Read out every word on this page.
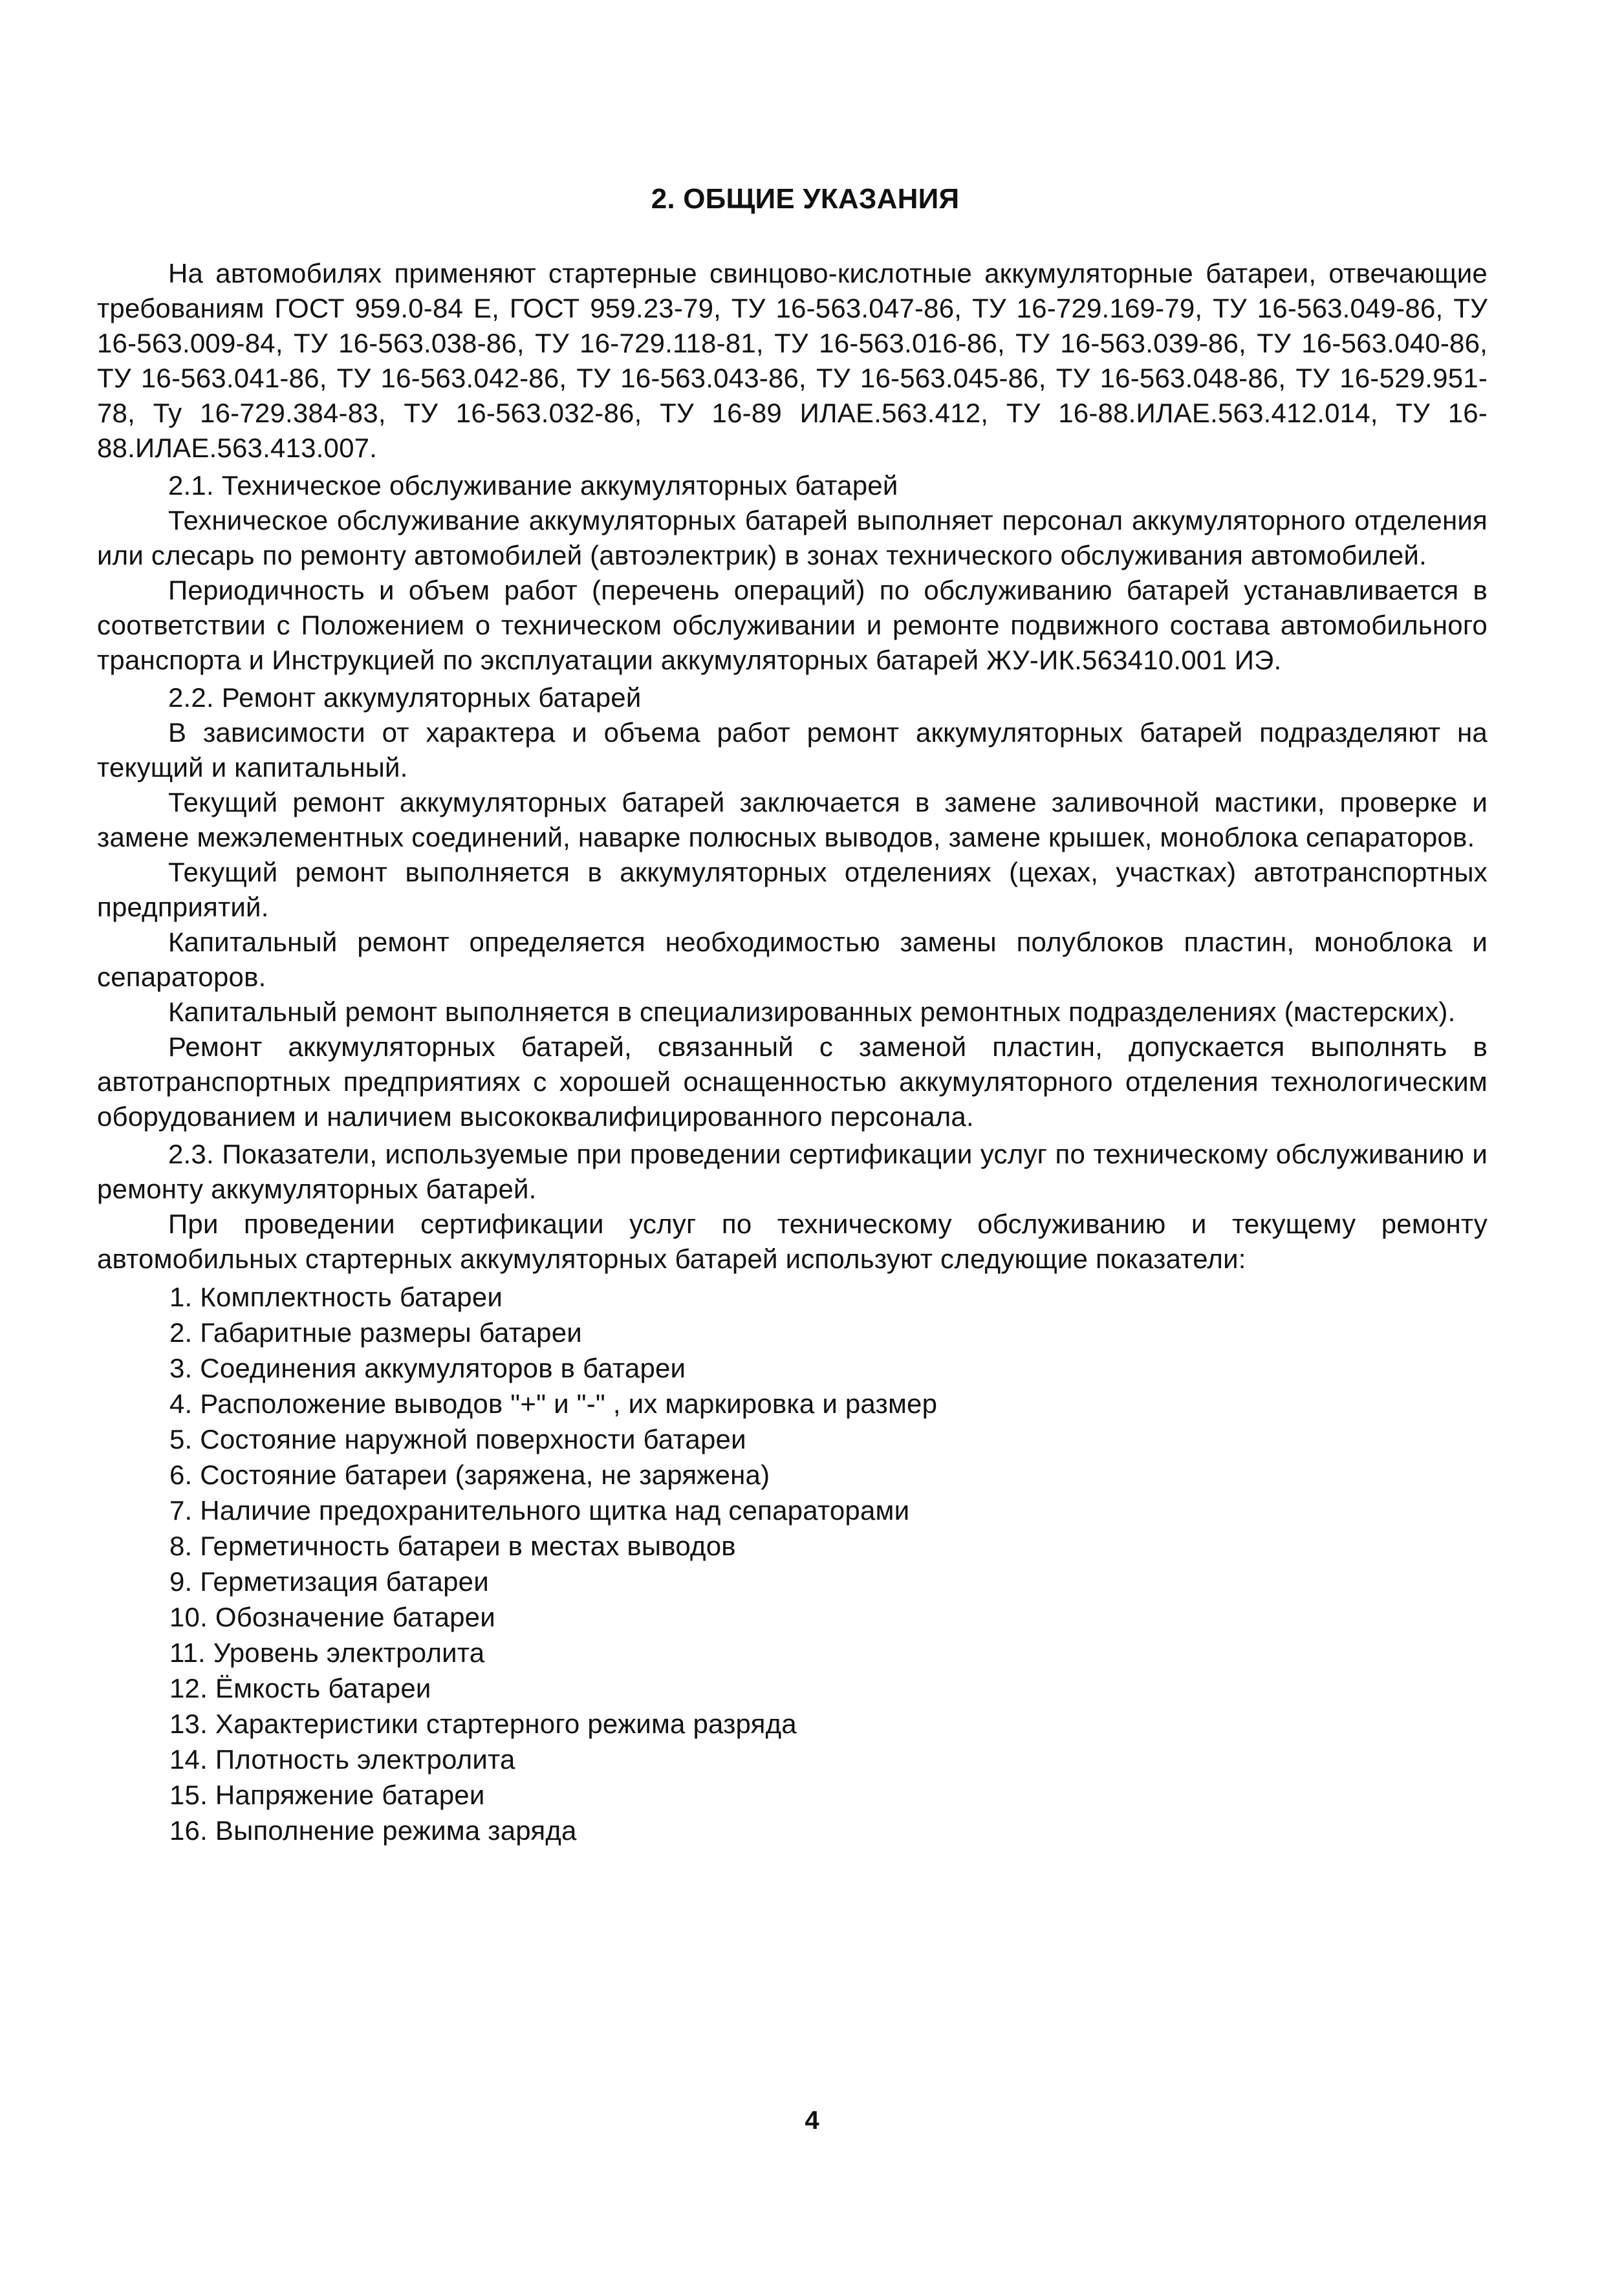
2. ОБЩИЕ УКАЗАНИЯ

На автомобилях применяют стартерные свинцово-кислотные аккумуляторные батареи, отвечающие требованиям ГОСТ 959.0-84 Е, ГОСТ 959.23-79, ТУ 16-563.047-86, ТУ 16-729.169-79, ТУ 16-563.049-86, ТУ 16-563.009-84, ТУ 16-563.038-86, ТУ 16-729.118-81, ТУ 16-563.016-86, ТУ 16-563.039-86, ТУ 16-563.040-86, ТУ 16-563.041-86, ТУ 16-563.042-86, ТУ 16-563.043-86, ТУ 16-563.045-86, ТУ 16-563.048-86, ТУ 16-529.951-78, Ту 16-729.384-83, ТУ 16-563.032-86, ТУ 16-89 ИЛАЕ.563.412, ТУ 16-88.ИЛАЕ.563.412.014, ТУ 16-88.ИЛАЕ.563.413.007.

2.1. Техническое обслуживание аккумуляторных батарей

Техническое обслуживание аккумуляторных батарей выполняет персонал аккумуляторного отделения или слесарь по ремонту автомобилей (автоэлектрик) в зонах технического обслуживания автомобилей.

Периодичность и объем работ (перечень операций) по обслуживанию батарей устанавливается в соответствии с Положением о техническом обслуживании и ремонте подвижного состава автомобильного транспорта и Инструкцией по эксплуатации аккумуляторных батарей ЖУ-ИК.563410.001 ИЭ.

2.2. Ремонт аккумуляторных батарей

В зависимости от характера и объема работ ремонт аккумуляторных батарей подразделяют на текущий и капитальный.

Текущий ремонт аккумуляторных батарей заключается в замене заливочной мастики, проверке и замене межэлементных соединений, наварке полюсных выводов, замене крышек, моноблока сепараторов.

Текущий ремонт выполняется в аккумуляторных отделениях (цехах, участках) автотранспортных предприятий.

Капитальный ремонт определяется необходимостью замены полублоков пластин, моноблока и сепараторов.

Капитальный ремонт выполняется в специализированных ремонтных подразделениях (мастерских).

Ремонт аккумуляторных батарей, связанный с заменой пластин, допускается выполнять в автотранспортных предприятиях с хорошей оснащенностью аккумуляторного отделения технологическим оборудованием и наличием высококвалифицированного персонала.

2.3. Показатели, используемые при проведении сертификации услуг по техническому обслуживанию и ремонту аккумуляторных батарей.

При проведении сертификации услуг по техническому обслуживанию и текущему ремонту автомобильных стартерных аккумуляторных батарей используют следующие показатели:

1. Комплектность батареи
2. Габаритные размеры батареи
3. Соединения аккумуляторов в батареи
4. Расположение выводов "+" и "-" , их маркировка и размер
5. Состояние наружной поверхности батареи
6. Состояние батареи (заряжена, не заряжена)
7. Наличие предохранительного щитка над сепараторами
8. Герметичность батареи в местах выводов
9. Герметизация батареи
10. Обозначение батареи
11. Уровень электролита
12. Ёмкость батареи
13. Характеристики стартерного режима разряда
14. Плотность электролита
15. Напряжение батареи
16. Выполнение режима заряда
4
